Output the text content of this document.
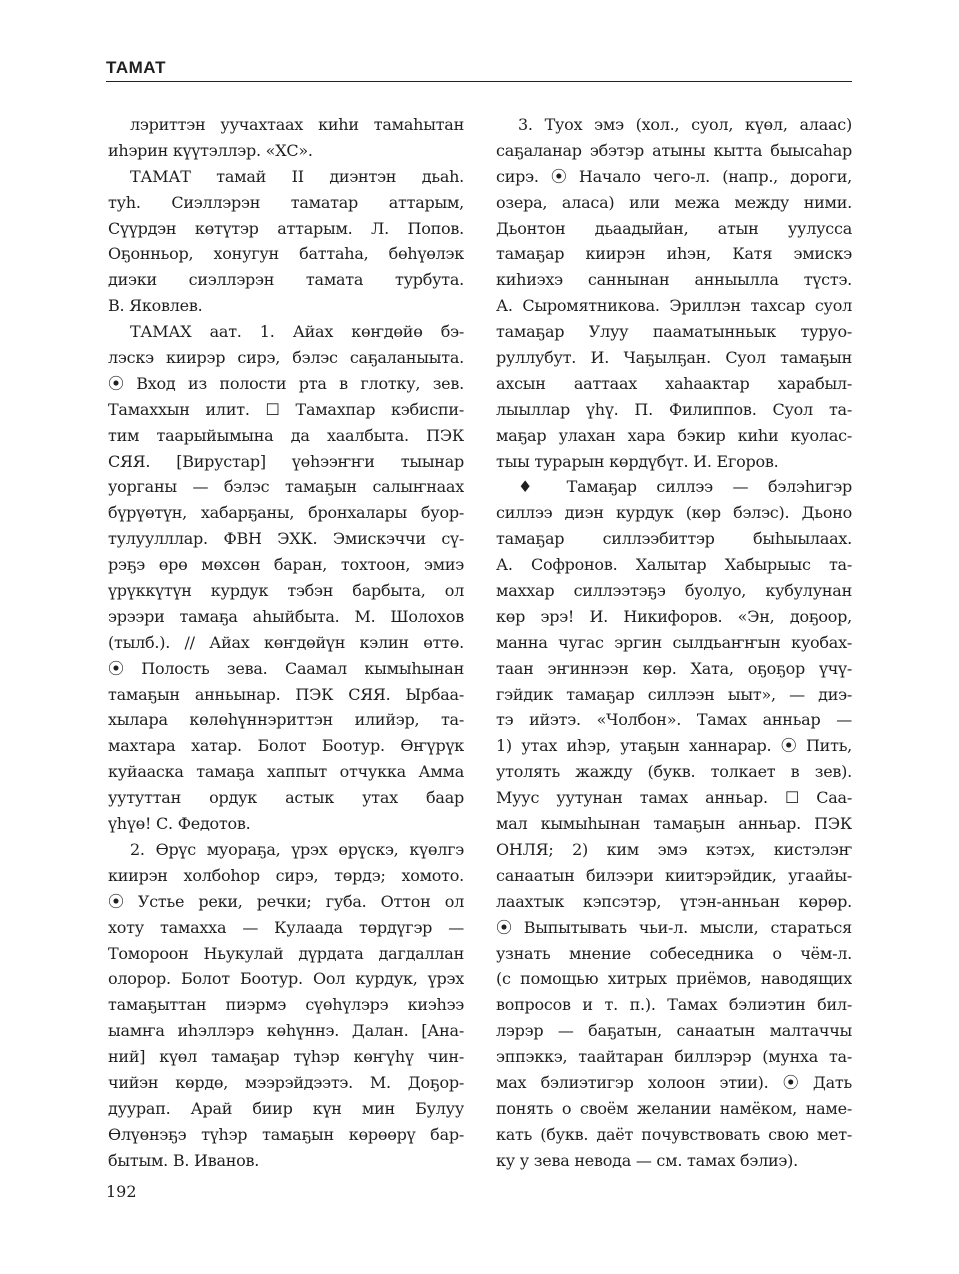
ТАМАТ
лэриттэн уучахтаах киһи тамаһытан
иһэрин күүтэллэр. «ХС».
ТАМАТ тамай II диэнтэн дьаһ.
туһ. Сиэллэрэн таматар аттарым,
Сүүрдэн көтүтэр аттарым. Л. Попов.
Оҕонньор, хонугун баттаһа, бөһүөлэк
диэки сиэллэрэн тамата турбута.
В. Яковлев.
ТАМАХ аат. 1. Айах көҥдөйө бэ-
лэскэ киирэр сирэ, бэлэс саҕаланыыта.
⦿ Вход из полости рта в глотку, зев.
Тамаххын илит. ☐ Тамахпар кэбиспи-
тим таарыйымына да хаалбыта. ПЭК
СЯЯ. [Вирустар] үөһээҥҥи тыынар
уорганы — бэлэс тамаҕын салыҥнаах
бүрүөтүн, хабарҕаны, бронхалары буор-
тулуулллар. ФВН ЭХК. Эмискэччи сү-
рэҕэ өрө мөхсөн баран, тохтоон, эмиэ
үрүккүтүн курдук тэбэн барбыта, ол
эрээри тамаҕа аһыйбыта. М. Шолохов
(тылб.). // Айах көҥдөйүн кэлин өттө.
⦿ Полость зева. Саамал кымыһынан
тамаҕын анньынар. ПЭК СЯЯ. Ырбаа-
хылара көлөһүннэриттэн илийэр, та-
махтара хатар. Болот Боотур. Өҥүрүк
куйааска тамаҕа хаппыт отчукка Амма
уутуттан ордук астык утах баар
үһүө! С. Федотов.
2. Өрүс муораҕа, үрэх өрүскэ, күөлгэ
киирэн холбоһор сирэ, төрдэ; хомото.
⦿ Устье реки, речки; губа. Оттон ол
хоту тамахха — Кулаада төрдүгэр —
Томороон Ньукулай дүрдата дагдаллан
олорор. Болот Боотур. Оол курдук, үрэх
тамаҕыттан пиэрмэ сүөһүлэрэ киэһээ
ыамҥа иһэллэрэ көһүннэ. Далан. [Ана-
ний] күөл тамаҕар түһэр көҥүһү чин-
чийэн көрдө, мээрэйдээтэ. М. Доҕор-
дуурап. Арай биир күн мин Булуу
Өлүөнэҕэ түһэр тамаҕын көрөөрү бар-
бытым. В. Иванов.
3. Туох эмэ (хол., суол, күөл, алаас)
саҕаланар эбэтэр атыны кытта быысаһар
сирэ. ⦿ Начало чего-л. (напр., дороги,
озера, аласа) или межа между ними.
Дьонтон дьаадыйан, атын уулусса
тамаҕар киирэн иһэн, Катя эмискэ
киһиэхэ саннынан анныылла түстэ.
А. Сыромятникова. Эриллэн тахсар суол
тамаҕар Улуу пааматынньык туруо-
руллубут. И. Чаҕылҕан. Суол тамаҕын
ахсын ааттаах хаһаактар харабыл-
лыыллар үһү. П. Филиппов. Суол та-
маҕар улахан хара бэкир киһи куолас-
тыы турарын көрдүбүт. И. Егоров.
♦ Тамаҕар силлээ — бэлэһигэр
силлээ диэн курдук (көр бэлэс). Дьоно
тамаҕар силлээбиттэр быһыылаах.
А. Софронов. Халытар Хабырыыс та-
маххар силлээтэҕэ буолуо, кубулунан
көр эрэ! И. Никифоров. «Эн, доҕоор,
манна чугас эргин сылдьаҥҥын куобах-
таан эҥиннээн көр. Хата, оҕоҕор үчү-
гэйдик тамаҕар силлээн ыыт», — диэ-
тэ ийэтэ. «Чолбон». Тамах анньар —
1) утах иһэр, утаҕын ханнарар. ⦿ Пить,
утолять жажду (букв. толкает в зев).
Муус уутунан тамах анньар. ☐ Саа-
мал кымыһынан тамаҕын анньар. ПЭК
ОНЛЯ; 2) ким эмэ кэтэх, кистэлэҥ
санаатын билээри киитэрэйдик, угаайы-
лаахтык кэпсэтэр, үтэн-анньан көрөр.
⦿ Выпытывать чьи-л. мысли, стараться
узнать мнение собеседника о чём-л.
(с помощью хитрых приёмов, наводящих
вопросов и т. п.). Тамах бэлиэтин бил-
лэрэр — баҕатын, санаатын малтаччы
эппэккэ, таайтаран биллэрэр (мунха та-
мах бэлиэтигэр холоон этии). ⦿ Дать
понять о своём желании намёком, наме-
кать (букв. даёт почувствовать свою мет-
ку у зева невода — см. тамах бэлиэ).
192
